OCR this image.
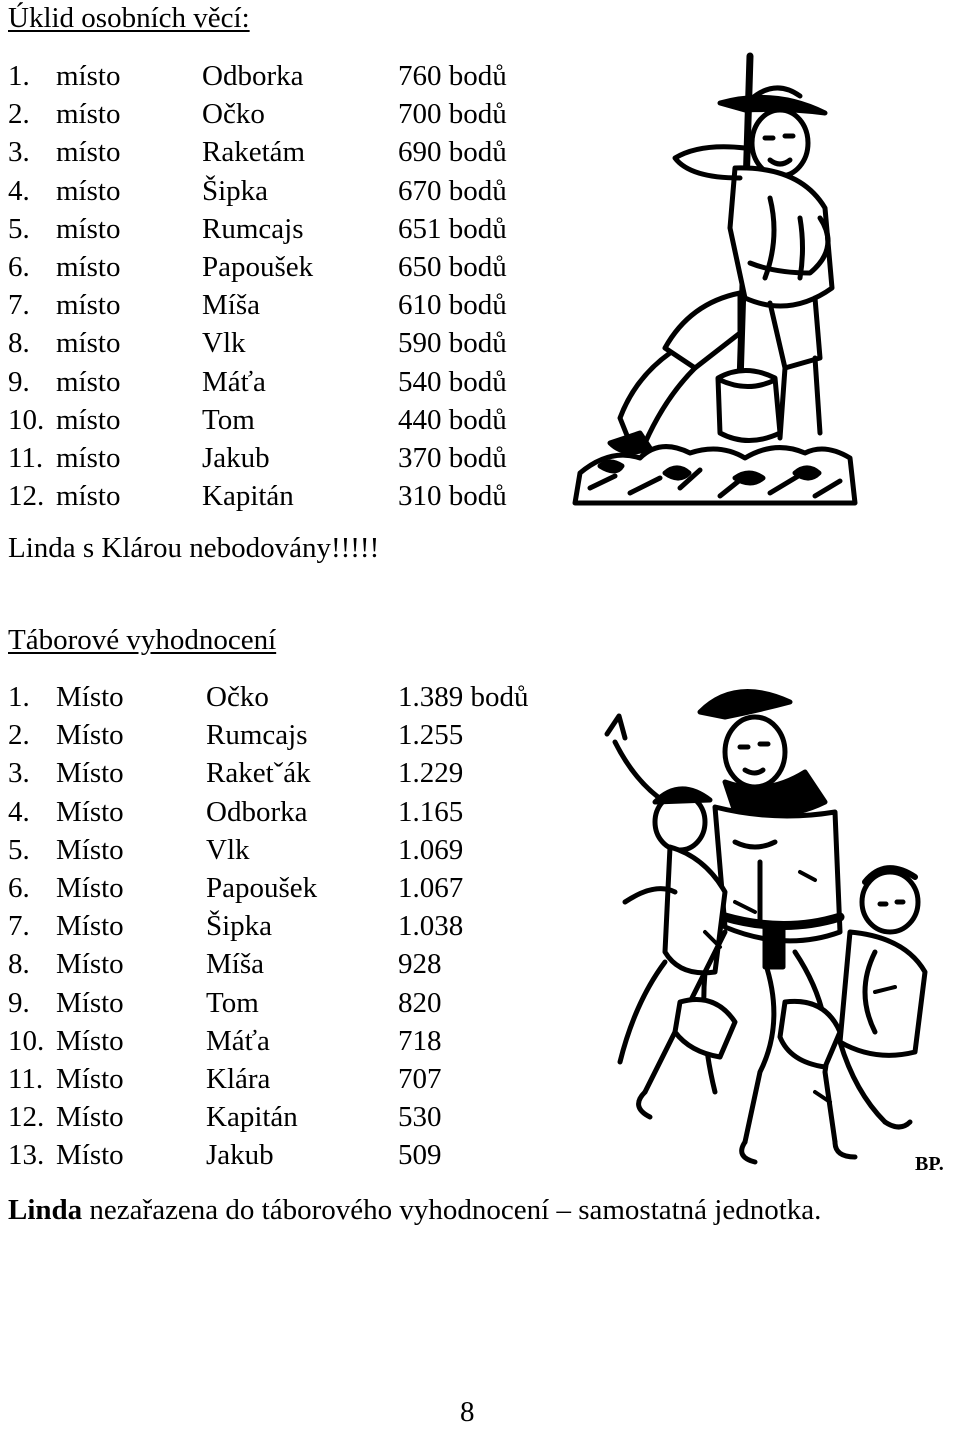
Úklid osobních věcí:
1. místo	Odborka	760 bodů
2. místo	Očko	700 bodů
3. místo	Raketám	690 bodů
4. místo	Šipka	670 bodů
5. místo	Rumcajs	651 bodů
6. místo	Papoušek	650 bodů
7. místo	Míša	610 bodů
8. místo	Vlk	590 bodů
9. místo	Máťa	540 bodů
10. místo	Tom	440 bodů
11. místo	Jakub	370 bodů
12. místo	Kapitán	310 bodů
Linda s Klárou nebodovány!!!!!
Táborové vyhodnocení
1. Místo	Očko	1.389 bodů
2. Místo	Rumcajs	1.255
3. Místo	Raketˇák	1.229
4. Místo	Odborka	1.165
5. Místo	Vlk	1.069
6. Místo	Papoušek	1.067
7. Místo	Šipka	1.038
8. Místo	Míša	928
9. Místo	Tom	820
10. Místo	Máťa	718
11. Místo	Klára	707
12. Místo	Kapitán	530
13. Místo	Jakub	509
Linda nezařazena do táborového vyhodnocení – samostatná jednotka.
8
BP.
